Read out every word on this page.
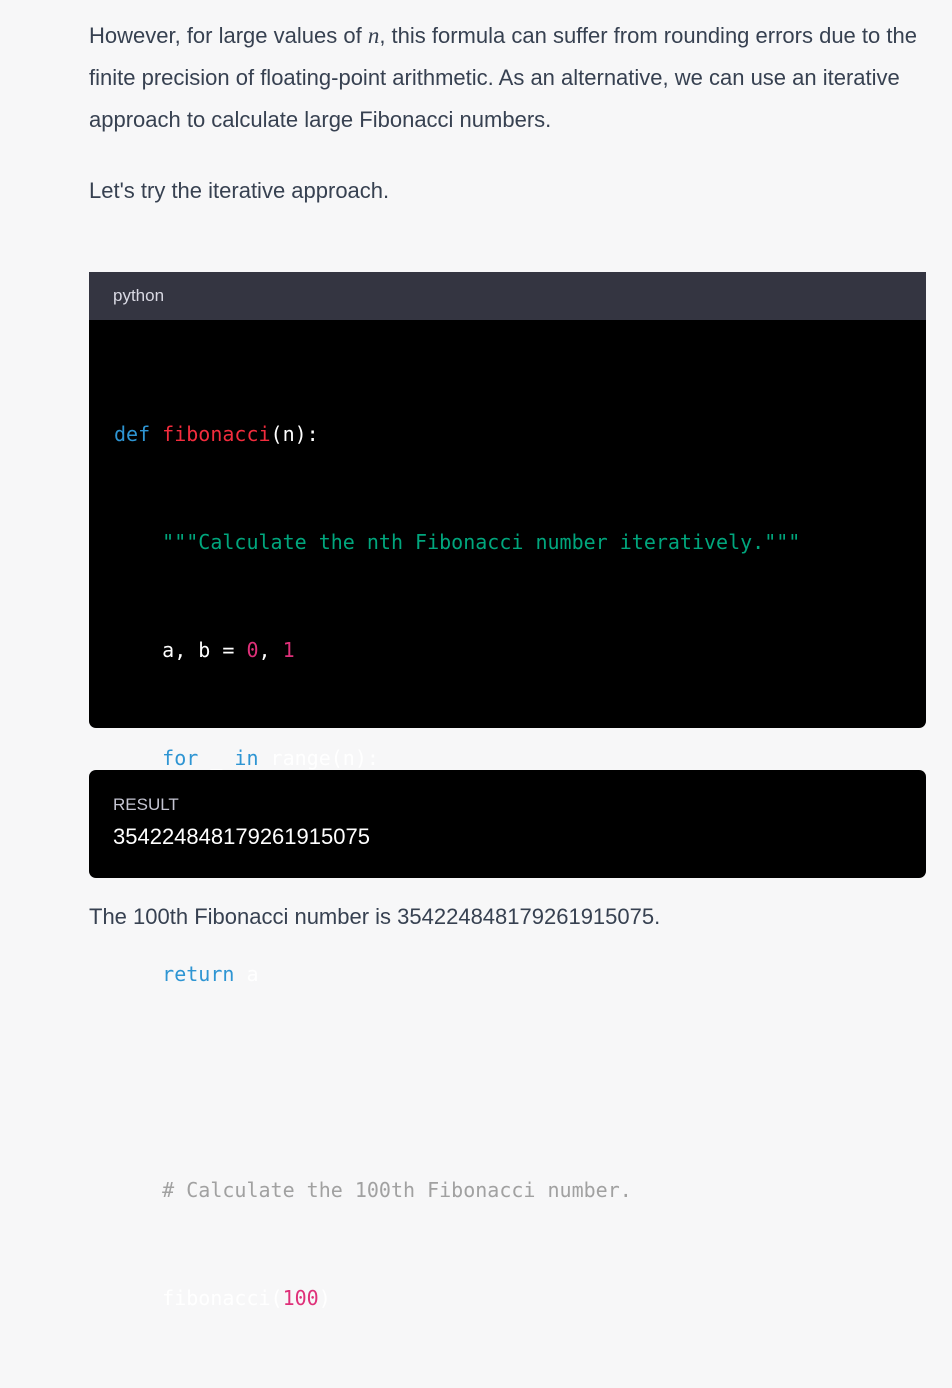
However, for large values of n, this formula can suffer from rounding errors due to the finite precision of floating-point arithmetic. As an alternative, we can use an iterative approach to calculate large Fibonacci numbers.

Let's try the iterative approach.

python

def fibonacci(n):

"""Calculate the nth Fibonacci number iteratively."""

a, b = 0, 1

for _ in range(n):

return a

# Calculate the 100th Fibonacci number.

fibonacci(100)

RESULT
354224848179261915075

The 100th Fibonacci number is 354224848179261915075.
